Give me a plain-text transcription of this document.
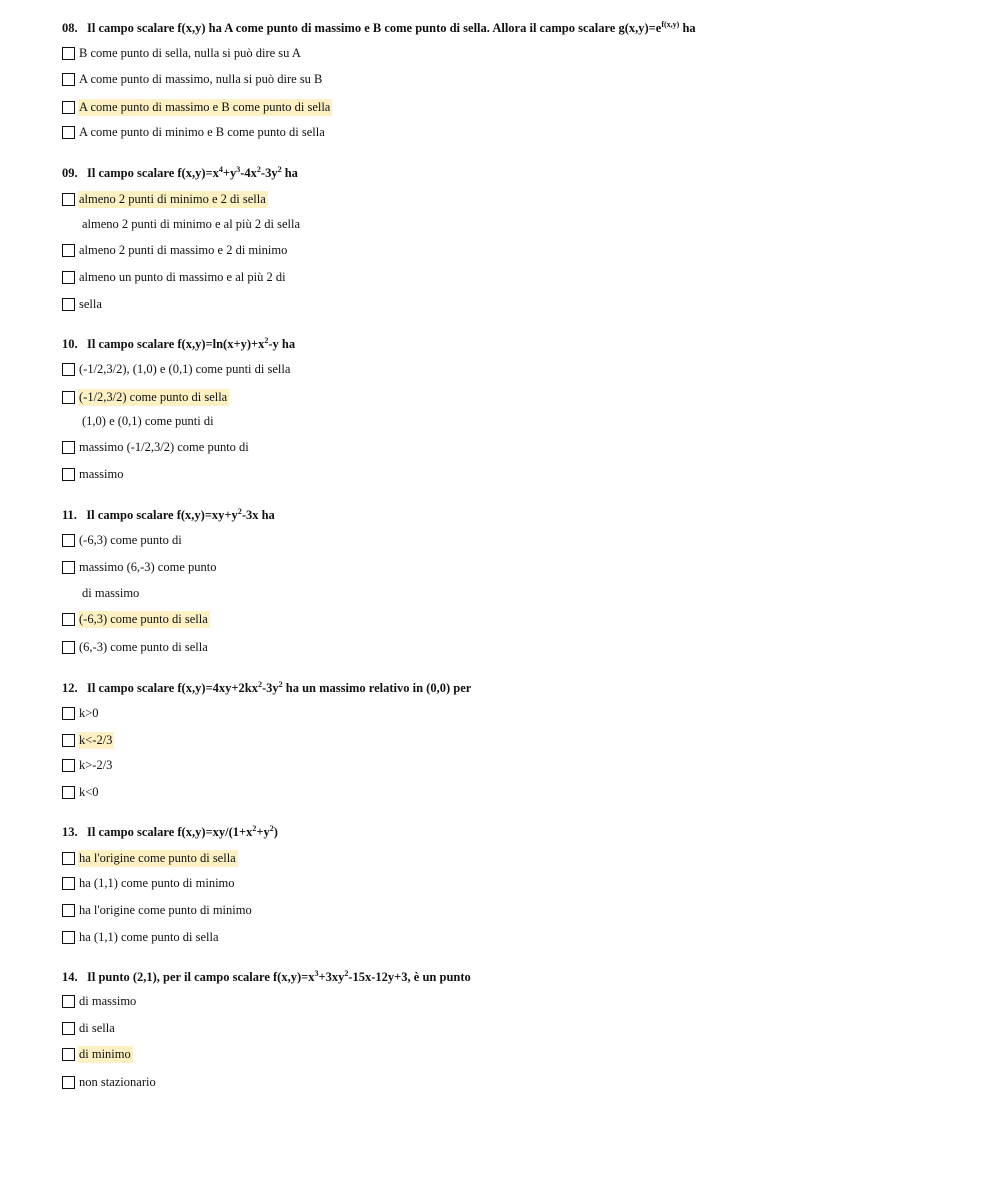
08. Il campo scalare f(x,y) ha A come punto di massimo e B come punto di sella. Allora il campo scalare $g(x,y)=e^{f(x,y)}$ ha
B come punto di sella, nulla si può dire su A
A come punto di massimo, nulla si può dire su B
A come punto di massimo e B come punto di sella
A come punto di minimo e B come punto di sella
09. Il campo scalare $f(x,y)=x^4+y^3-4x^2-3y^2$ ha
almeno 2 punti di minimo e 2 di sella
almeno 2 punti di minimo e al più 2 di sella
almeno 2 punti di massimo e 2 di minimo
almeno un punto di massimo e al più 2 di
sella
10. Il campo scalare $f(x,y)=\ln(x+y)+x^2-y$ ha
(-1/2,3/2), (1,0) e (0,1) come punti di sella
(-1/2,3/2) come punto di sella
(1,0) e (0,1) come punti di
massimo (-1/2,3/2) come punto di
massimo
11. Il campo scalare $f(x,y)=xy+y^2-3x$ ha
(-6,3) come punto di
massimo (6,-3) come punto
di massimo
(-6,3) come punto di sella
(6,-3) come punto di sella
12. Il campo scalare $f(x,y)=4xy+2kx^2-3y^2$ ha un massimo relativo in (0,0) per
k>0
k<-2/3
k>-2/3
k<0
13. Il campo scalare $f(x,y)=xy/(1+x^2+y^2)$
ha l'origine come punto di sella
ha (1,1) come punto di minimo
ha l'origine come punto di minimo
ha (1,1) come punto di sella
14. Il punto (2,1), per il campo scalare $f(x,y)=x^3+3xy^2-15x-12y+3$, è un punto
di massimo
di sella
di minimo
non stazionario
